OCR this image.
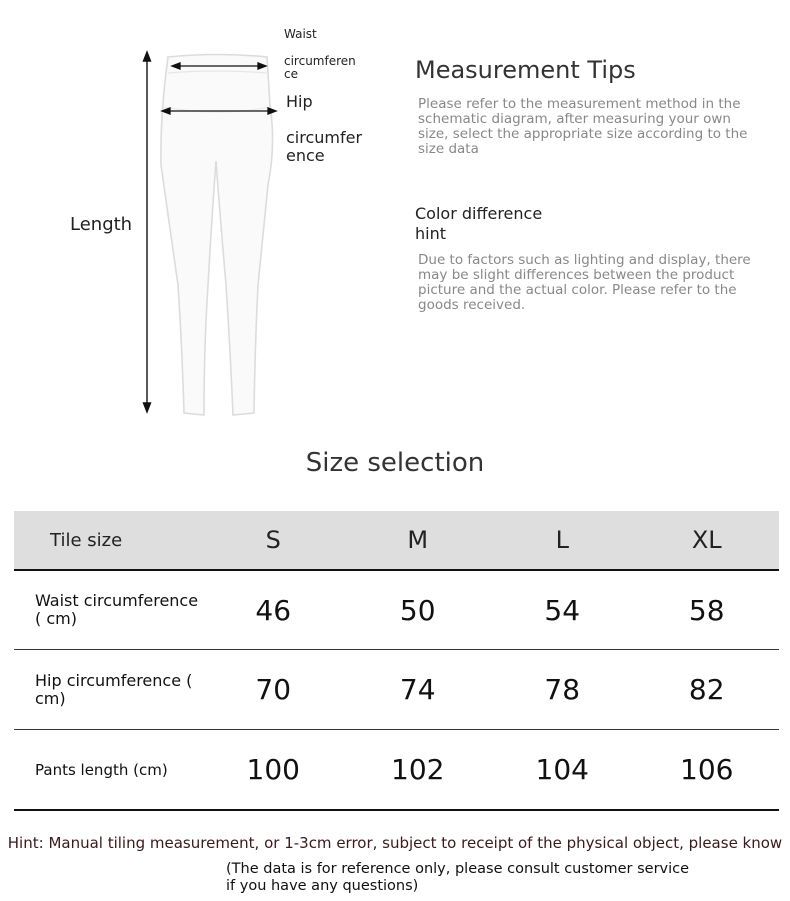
Waist
circumferen
ce
Hip
circumfer
ence
Length
Measurement Tips
Please refer to the measurement method in the schematic diagram, after measuring your own size, select the appropriate size according to the size data
Color difference
hint
Due to factors such as lighting and display, there may be slight differences between the product picture and the actual color. Please refer to the goods received.
Size selection
Tile size	S	M	L	XL
Waist circumference ( cm)	46	50	54	58
Hip circumference ( cm)	70	74	78	82
Pants length (cm)	100	102	104	106
Hint: Manual tiling measurement, or 1-3cm error, subject to receipt of the physical object, please know
(The data is for reference only, please consult customer service if you have any questions)
